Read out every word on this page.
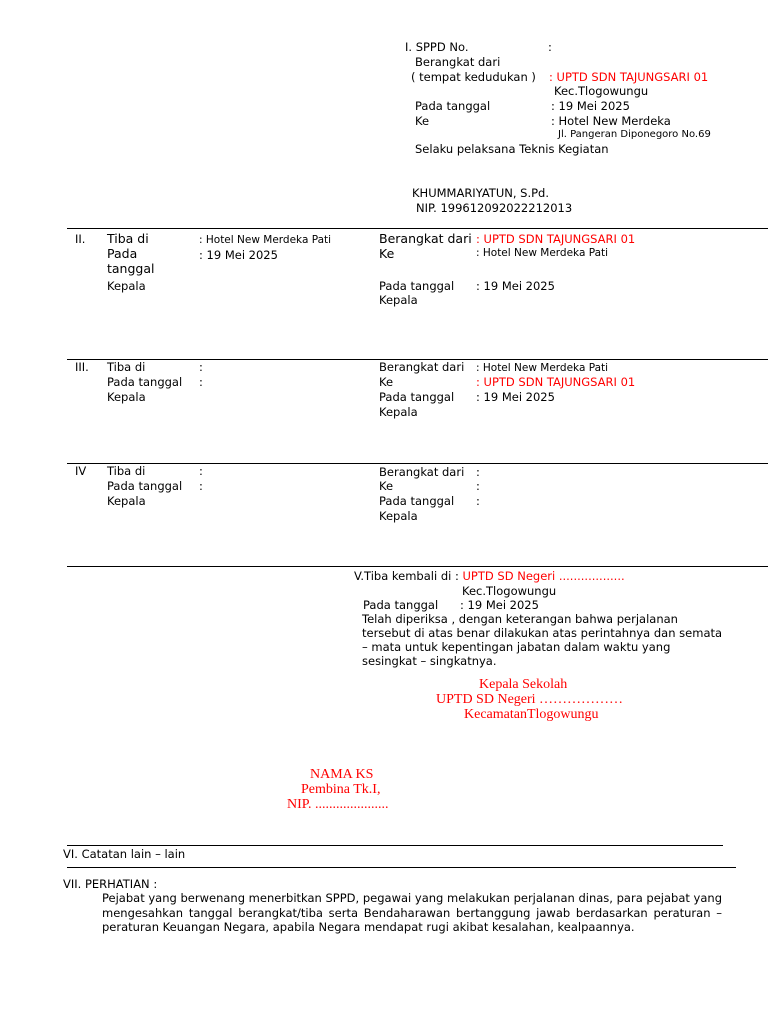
I. SPPD No.	:
Berangkat dari
( tempat kedudukan ) : UPTD SDN TAJUNGSARI 01
Kec.Tlogowungu
Pada tanggal	: 19 Mei 2025
Ke	: Hotel New Merdeka
Jl. Pangeran Diponegoro No.69
Selaku pelaksana Teknis Kegiatan
KHUMMARIYATUN, S.Pd.
NIP. 199612092022212013
II. Tiba di	: Hotel New Merdeka Pati
Pada	: 19 Mei 2025
tanggal
Kepala
Berangkat dari : UPTD SDN TAJUNGSARI 01
Ke	: Hotel New Merdeka Pati
Pada tanggal : 19 Mei 2025
Kepala
III. Tiba di	:
Pada tanggal :
Kepala
Berangkat dari : Hotel New Merdeka Pati
Ke	: UPTD SDN TAJUNGSARI 01
Pada tanggal : 19 Mei 2025
Kepala
IV Tiba di	:
Pada tanggal :
Kepala
Berangkat dari :
Ke	:
Pada tanggal :
Kepala
V.Tiba kembali di : UPTD SD Negeri ..................
Kec.Tlogowungu
Pada tanggal : 19 Mei 2025
Telah diperiksa , dengan keterangan bahwa perjalanan tersebut di atas benar dilakukan atas perintahnya dan semata – mata untuk kepentingan jabatan dalam waktu yang sesingkat – singkatnya.
Kepala Sekolah
UPTD SD Negeri ………………
KecamatanTlogowungu
NAMA KS
Pembina Tk.I,
NIP. .....................
VI. Catatan lain – lain
VII. PERHATIAN :
Pejabat yang berwenang menerbitkan SPPD, pegawai yang melakukan perjalanan dinas, para pejabat yang mengesahkan tanggal berangkat/tiba serta Bendaharawan bertanggung jawab berdasarkan peraturan – peraturan Keuangan Negara, apabila Negara mendapat rugi akibat kesalahan, kealpaannya.
